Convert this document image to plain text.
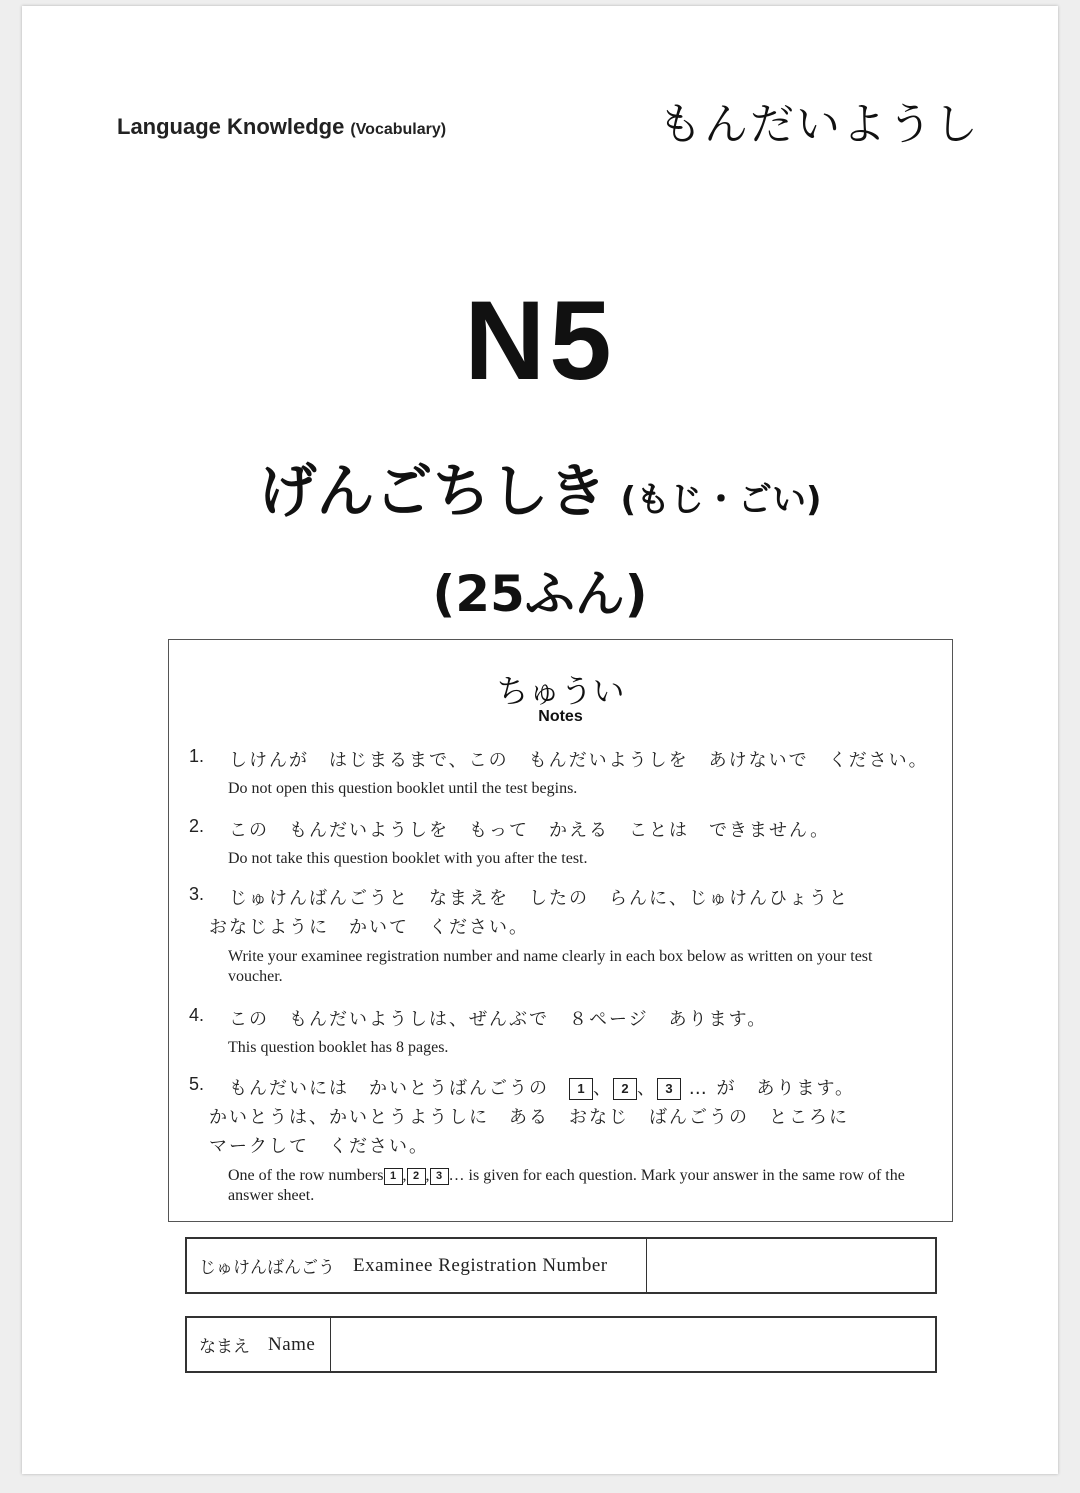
Language Knowledge (Vocabulary)	もんだいようし
N5
げんごちしき (もじ・ごい)
(25ふん)
ちゅうい
Notes
1. しけんが　はじまるまで、この　もんだいようしを　あけないで　ください。
Do not open this question booklet until the test begins.
2. この　もんだいようしを　もって　かえる　ことは　できません。
Do not take this question booklet with you after the test.
3. じゅけんばんごうと　なまえを　したの　らんに、じゅけんひょうと
おなじように　かいて　ください。
Write your examinee registration number and name clearly in each box below as written on your test voucher.
4. この　もんだいようしは、ぜんぶで　８ページ　あります。
This question booklet has 8 pages.
5. もんだいには　かいとうばんごうの　 1 、 2 、 3 … が　あります。
かいとうは、かいとうようしに　ある　おなじ　ばんごうの　ところに
マークして　ください。
One of the row numbers 1 , 2 , 3 … is given for each question. Mark your answer in the same row of the answer sheet.
じゅけんばんごう Examinee Registration Number
なまえ Name
